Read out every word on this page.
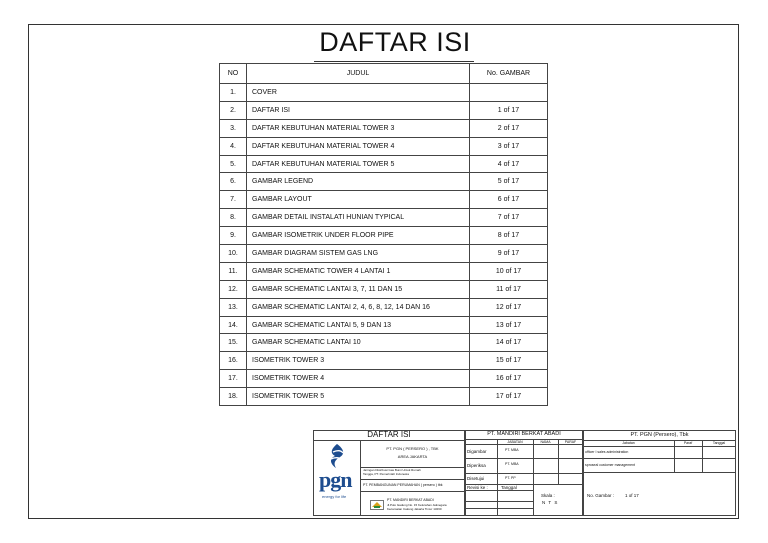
DAFTAR ISI
NO	JUDUL	No. GAMBAR
1.	COVER	
2.	DAFTAR ISI	1 of 17
3.	DAFTAR KEBUTUHAN MATERIAL TOWER 3	2 of 17
4.	DAFTAR KEBUTUHAN MATERIAL TOWER 4	3 of 17
5.	DAFTAR KEBUTUHAN MATERIAL TOWER 5	4 of 17
6.	GAMBAR LEGEND	5 of 17
7.	GAMBAR LAYOUT	6 of 17
8.	GAMBAR DETAIL INSTALATI HUNIAN TYPICAL	7 of 17
9.	GAMBAR ISOMETRIK UNDER FLOOR PIPE	8 of 17
10.	GAMBAR DIAGRAM SISTEM GAS LNG	9 of 17
11.	GAMBAR SCHEMATIC TOWER 4 LANTAI 1	10 of 17
12.	GAMBAR SCHEMATIC LANTAI 3, 7, 11 DAN 15	11 of 17
13.	GAMBAR SCHEMATIC LANTAI 2, 4, 6, 8, 12, 14 DAN 16	12 of 17
14.	GAMBAR SCHEMATIC LANTAI 5, 9 DAN 13	13 of 17
15.	GAMBAR SCHEMATIC LANTAI 10	14 of 17
16.	ISOMETRIK TOWER 3	15 of 17
17.	ISOMETRIK TOWER 4	16 of 17
18.	ISOMETRIK TOWER 5	17 of 17
DAFTAR ISI
pgn
energy for life
PT. PGN ( PERSERO ) , TBK
AREA JAKARTA
Jaringan Distribusi Gas Bumi Untuk Rumah Tangga, PT. Pemerintah Indonesia
PT. PEMBANGUNAN PERUMAHAN ( persero ) tbk
PT. MANDIRI BERKAT ABADI
Jl.Pulo Gadung No. 15 Kelurahan Jatinegara
Kecamatan Cakung Jakarta Timur 13260
PT. MANDIRI BERKAT ABADI
JABATAN	NAMA	PARAF
Digambar	PT. MBA
Diperiksa	PT. MBA
Disetujui	PT. PP
Revisi ke :	Tanggal
Skala :
N T S
PT. PGN (Persero), Tbk
Jabatan	Paraf	Tanggal
officer I sales administration
sproseal customer management
No. Gambar : 1 of 17
